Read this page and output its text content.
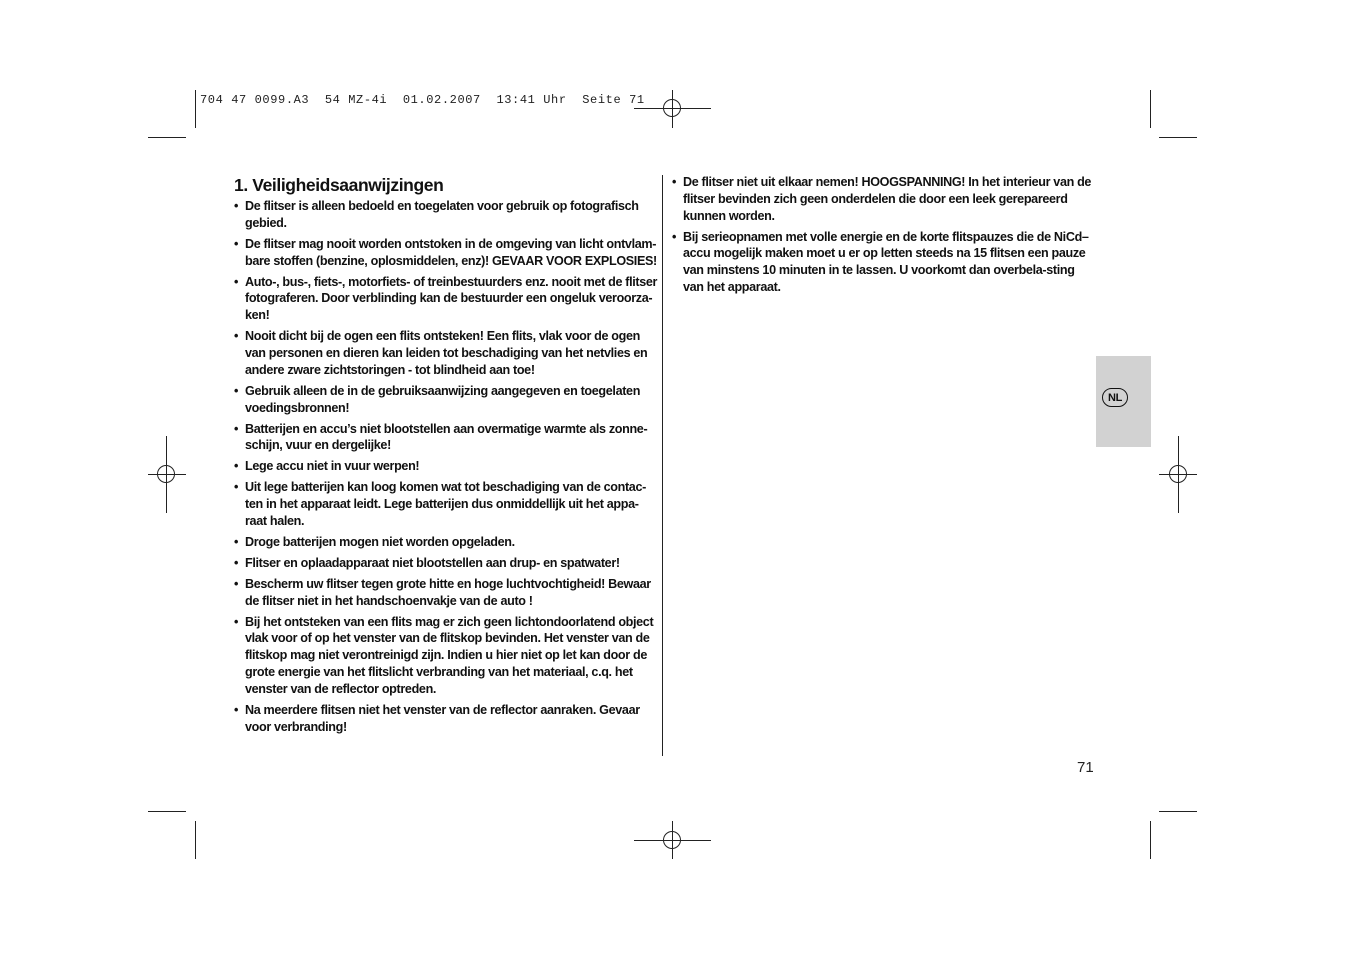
704 47 0099.A3  54 MZ-4i  01.02.2007  13:41 Uhr  Seite 71
1. Veiligheidsaanwijzingen
• De flitser is alleen bedoeld en toegelaten voor gebruik op fotografisch gebied.
• De flitser mag nooit worden ontstoken in de omgeving van licht ontvlam-bare stoffen (benzine, oplosmiddelen, enz)! GEVAAR VOOR EXPLOSIES!
• Auto-, bus-, fiets-, motorfiets- of treinbestuurders enz. nooit met de flitser fotograferen. Door verblinding kan de bestuurder een ongeluk veroorza-ken!
• Nooit dicht bij de ogen een flits ontsteken! Een flits, vlak voor de ogen van personen en dieren kan leiden tot beschadiging van het netvlies en andere zware zichtstoringen - tot blindheid aan toe!
• Gebruik alleen de in de gebruiksaanwijzing aangegeven en toegelaten voedingsbronnen!
• Batterijen en accu’s niet blootstellen aan overmatige warmte als zonne-schijn, vuur en dergelijke!
• Lege accu niet in vuur werpen!
• Uit lege batterijen kan loog komen wat tot beschadiging van de contac-ten in het apparaat leidt. Lege batterijen dus onmiddellijk uit het appa-raat halen.
• Droge batterijen mogen niet worden opgeladen.
• Flitser en oplaadapparaat niet blootstellen aan drup- en spatwater!
• Bescherm uw flitser tegen grote hitte en hoge luchtvochtigheid! Bewaar de flitser niet in het handschoenvakje van de auto !
• Bij het ontsteken van een flits mag er zich geen lichtondoorlatend object vlak voor of op het venster van de flitskop bevinden. Het venster van de flitskop mag niet verontreinigd zijn. Indien u hier niet op let kan door de grote energie van het flitslicht verbranding van het materiaal, c.q. het venster van de reflector optreden.
• Na meerdere flitsen niet het venster van de reflector aanraken. Gevaar voor verbranding!
• De flitser niet uit elkaar nemen! HOOGSPANNING! In het interieur van de flitser bevinden zich geen onderdelen die door een leek gerepareerd kunnen worden.
• Bij serieopnamen met volle energie en de korte flitspauzes die de NiCd–accu mogelijk maken moet u er op letten steeds na 15 flitsen een pauze van minstens 10 minuten in te lassen. U voorkomt dan overbela-sting van het apparaat.
NL
71
